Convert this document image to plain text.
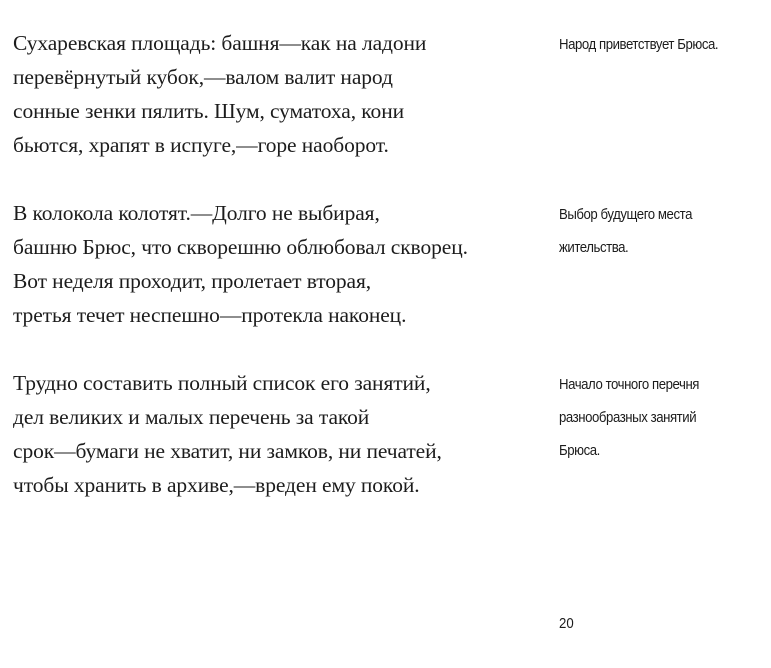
Сухаревская площадь: башня—как на ладони
перевёрнутый кубок,—валом валит народ
сонные зенки пялить. Шум, суматоха, кони
бьются, храпят в испуге,—горе наоборот.
Народ приветствует Брюса.
В колокола колотят.—Долго не выбирая,
башню Брюс, что скворешню облюбовал скворец.
Вот неделя проходит, пролетает вторая,
третья течет неспешно—протекла наконец.
Выбор будущего места
жительства.
Трудно составить полный список его занятий,
дел великих и малых перечень за такой
срок—бумаги не хватит, ни замков, ни печатей,
чтобы хранить в архиве,—вреден ему покой.
Начало точного перечня
разнообразных занятий
Брюса.
20
